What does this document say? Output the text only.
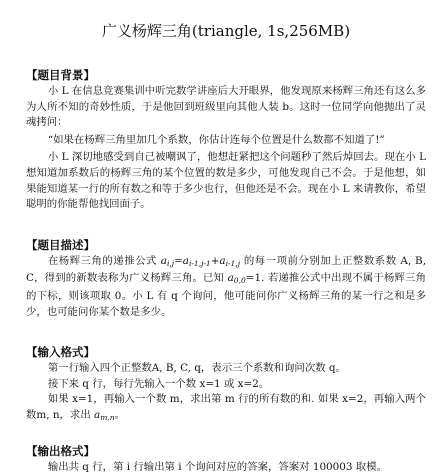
广义杨辉三角(triangle, 1s,256MB)
【题目背景】

小 L 在信息竞赛集训中听完数学讲座后大开眼界，他发现原来杨辉三角还有这么多为人所不知的奇妙性质，于是他回到班级里向其他人装 b。这时一位同学向他抛出了灵魂拷问：

“如果在杨辉三角里加几个系数，你估计连每个位置是什么数都不知道了!”

小 L 深切地感受到自己被嘲讽了，他想赶紧把这个问题秒了然后焯回去。现在小 L 想知道加系数后的杨辉三角的某个位置的数是多少，可他发现自己不会。于是他想，如果能知道某一行的所有数之和等于多少也行，但他还是不会。现在小 L 来请教你，希望聪明的你能帮他找回面子。

【题目描述】

在杨辉三角的递推公式 $a_{i,j}=a_{i-1,j-1}+a_{i-1,j}$ 的每一项前分别加上正整数系数 A, B, C，得到的新数表称为广义杨辉三角。已知 $a_{0,0}=1$. 若递推公式中出现不属于杨辉三角的下标，则该项取 0。小 L 有 q 个询问，他可能问你广义杨辉三角的某一行之和是多少，也可能问你某个数是多少。

【输入格式】

第一行输入四个正整数A, B, C, q，表示三个系数和询问次数 q。

接下来 q 行，每行先输入一个数 x=1 或 x=2。

如果 x=1，再输入一个数 m，求出第 m 行的所有数的和. 如果 x=2，再输入两个数m, n，求出 $a_{m,n}$。

【输出格式】

输出共 q 行，第 i 行输出第 i 个询问对应的答案，答案对 100003 取模。
